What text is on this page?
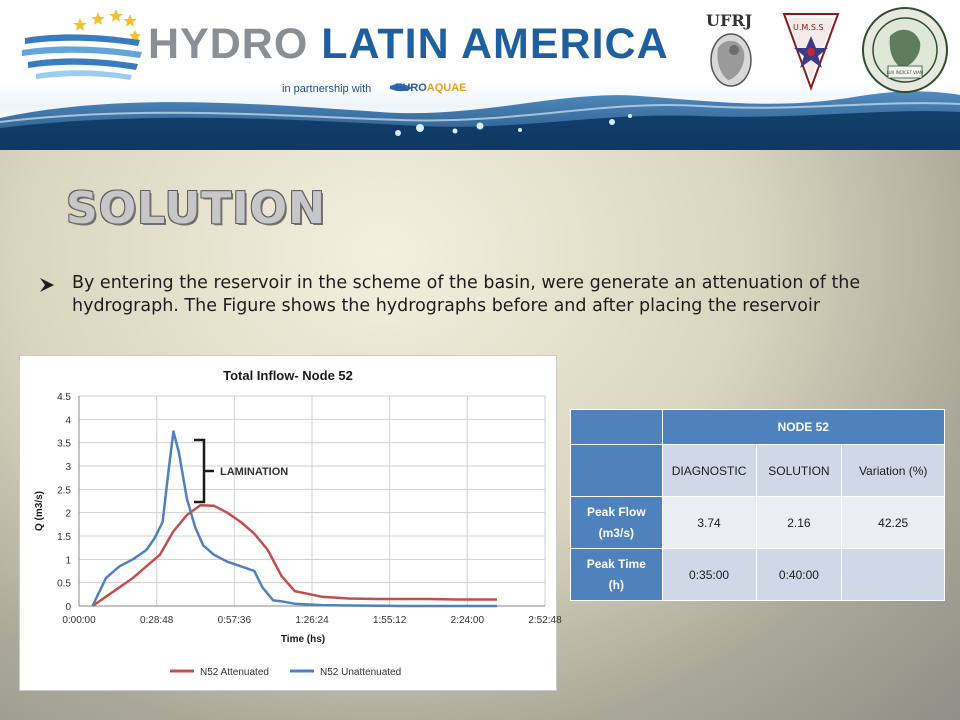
HYDRO LATIN AMERICA
in partnership with EUROAQUAE
UFRJ	U.M.S.S
LUX INDICET VIAM
SOLUTION
By entering the reservoir in the scheme of the basin, were generate an attenuation of the hydrograph. The Figure shows the hydrographs before and after placing the reservoir
Total Inflow- Node 52
0
0.5
1
1.5
2
2.5
3
3.5
4
4.5
0:00:00	0:28:48	0:57:36	1:26:24	1:55:12	2:24:00	2:52:48
Q (m3/s)
Time (hs)
LAMINATION
N52 Attenuated	N52 Unattenuated
	NODE 52		
	DIAGNOSTIC	SOLUTION	Variation (%)

Peak Flow
(m3/s)	3.74	2.16	42.25

Peak Time
(h)	0:35:00	0:40:00	
